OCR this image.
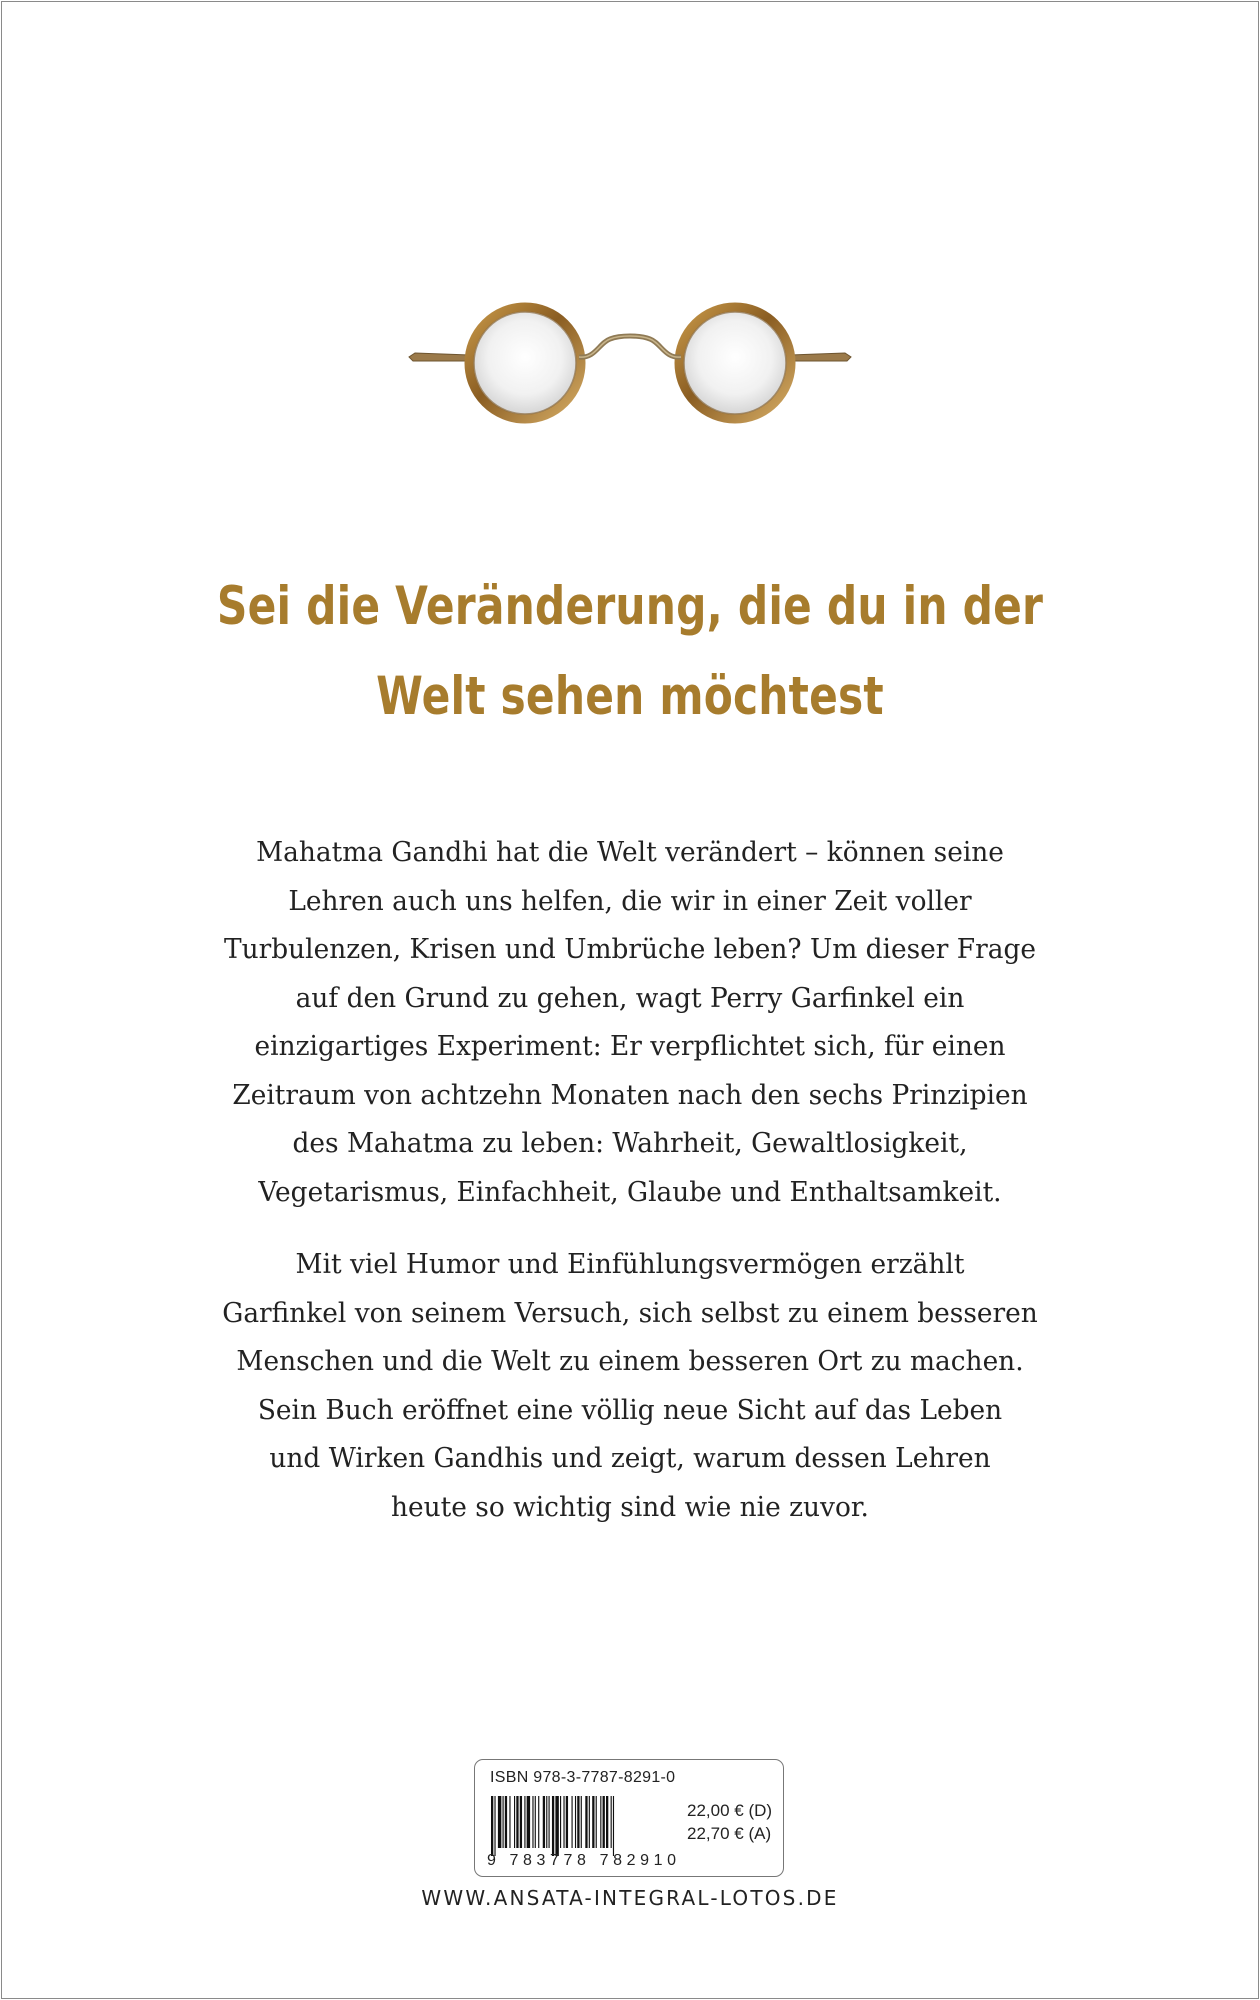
Sei die Veränderung, die du in der
Welt sehen möchtest
Mahatma Gandhi hat die Welt verändert – können seine
Lehren auch uns helfen, die wir in einer Zeit voller
Turbulenzen, Krisen und Umbrüche leben? Um dieser Frage
auf den Grund zu gehen, wagt Perry Garfinkel ein
einzigartiges Experiment: Er verpflichtet sich, für einen
Zeitraum von achtzehn Monaten nach den sechs Prinzipien
des Mahatma zu leben: Wahrheit, Gewaltlosigkeit,
Vegetarismus, Einfachheit, Glaube und Enthaltsamkeit.
Mit viel Humor und Einfühlungsvermögen erzählt
Garfinkel von seinem Versuch, sich selbst zu einem besseren
Menschen und die Welt zu einem besseren Ort zu machen.
Sein Buch eröffnet eine völlig neue Sicht auf das Leben
und Wirken Gandhis und zeigt, warum dessen Lehren
heute so wichtig sind wie nie zuvor.
ISBN 978-3-7787-8291-0
9 783778 782910
22,00 € (D)
22,70 € (A)
WWW.ANSATA-INTEGRAL-LOTOS.DE
